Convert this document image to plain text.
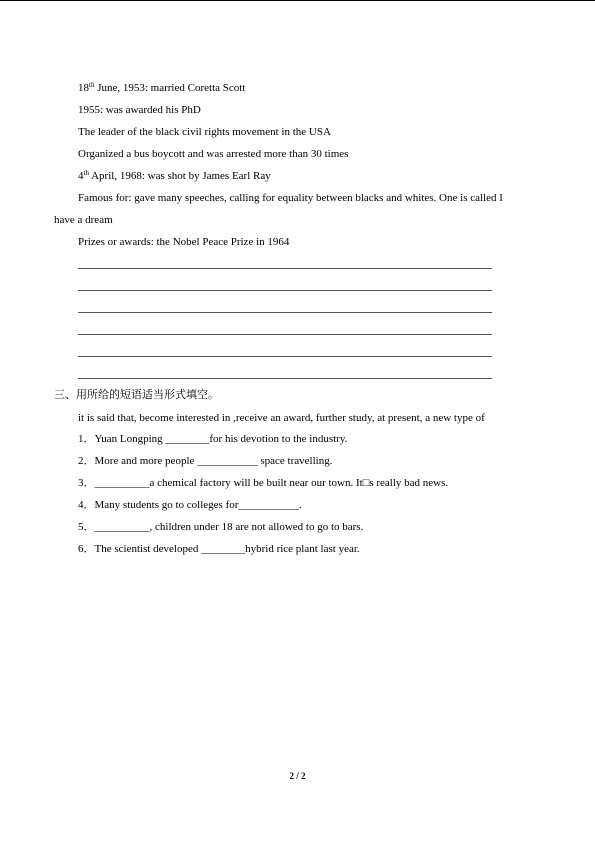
18th June, 1953: married Coretta Scott
1955: was awarded his PhD
The leader of the black civil rights movement in the USA
Organized a bus boycott and was arrested more than 30 times
4th April, 1968: was shot by James Earl Ray
Famous for: gave many speeches, calling for equality between blacks and whites. One is called I
have a dream
Prizes or awards: the Nobel Peace Prize in 1964
三、用所给的短语适当形式填空。
it is said that, become interested in ,receive an award, further study, at present, a new type of
1．Yuan Longping ________for his devotion to the industry.
2．More and more people ___________ space travelling.
3．__________a chemical factory will be built near our town. It□s really bad news.
4．Many students go to colleges for___________.
5．__________, children under 18 are not allowed to go to bars.
6．The scientist developed ________hybrid rice plant last year.
2 / 2
